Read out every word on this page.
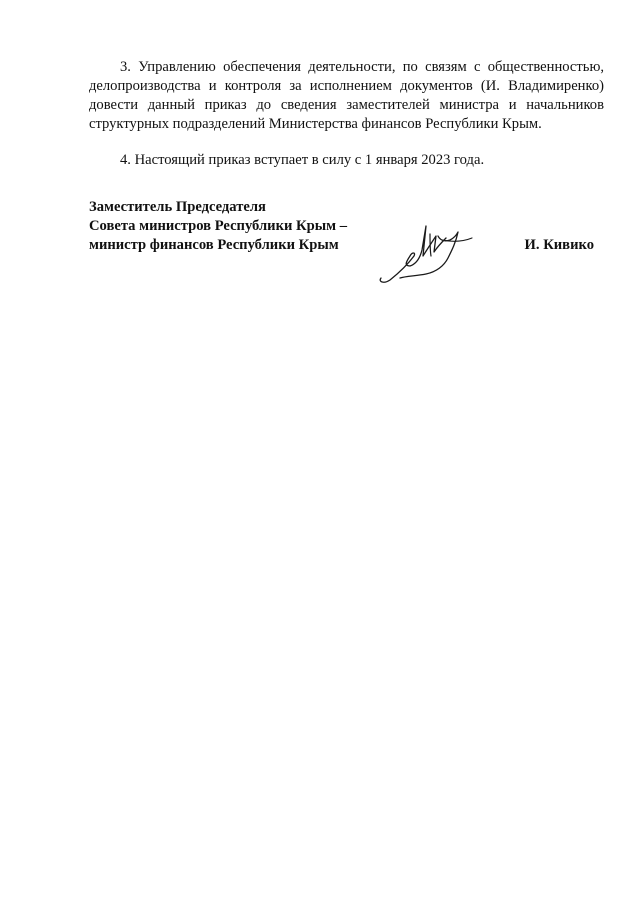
3. Управлению обеспечения деятельности, по связям с общественностью, делопроизводства и контроля за исполнением документов (И. Владимиренко) довести данный приказ до сведения заместителей министра и начальников структурных подразделений Министерства финансов Республики Крым.

4. Настоящий приказ вступает в силу с 1 января 2023 года.

Заместитель Председателя
Совета министров Республики Крым –
министр финансов Республики Крым	И. Кивико
